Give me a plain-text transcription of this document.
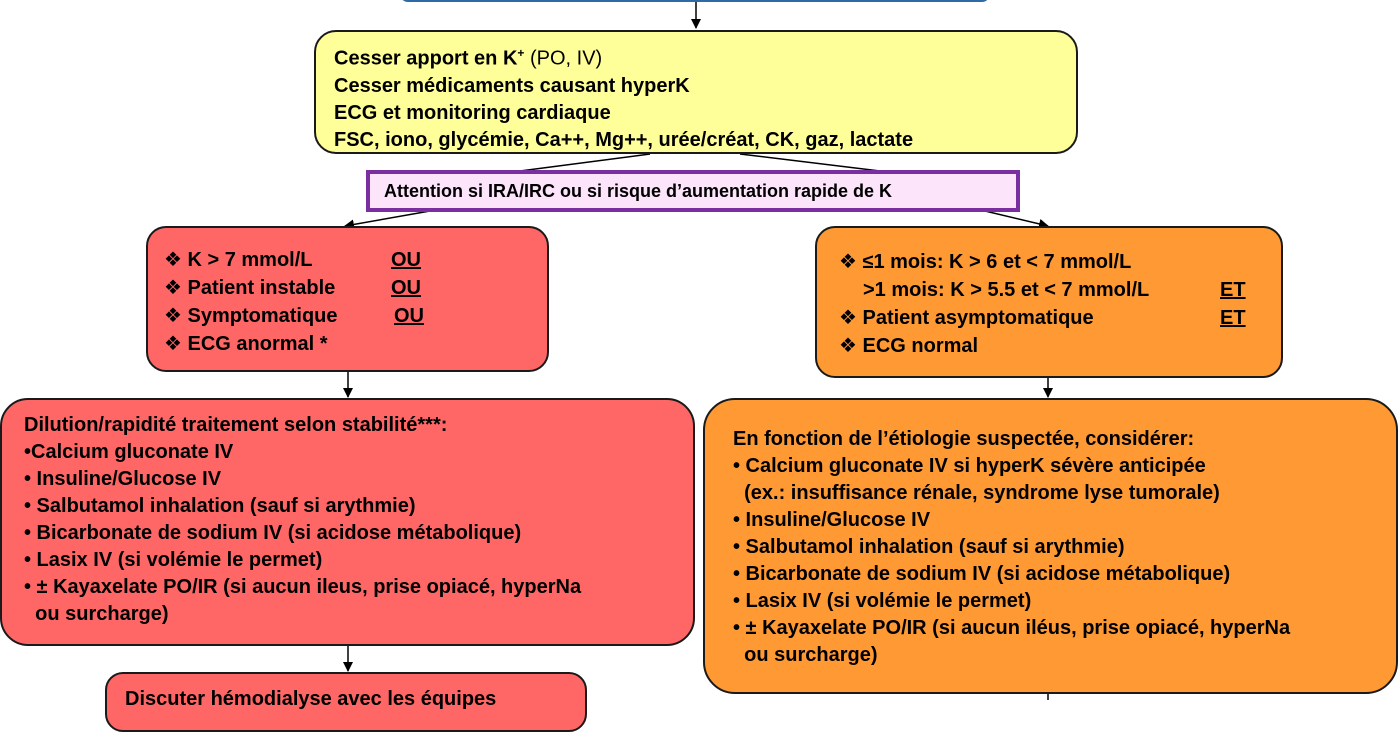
Cesser apport en K+ (PO, IV)
Cesser médicaments causant hyperK
ECG et monitoring cardiaque
FSC, iono, glycémie, Ca++, Mg++, urée/créat, CK, gaz, lactate
Attention si IRA/IRC ou si risque d’aumentation rapide de K
❖ K > 7 mmol/L	OU
❖ Patient instable	OU
❖ Symptomatique	OU
❖ ECG anormal *
❖ ≤1 mois: K > 6 et < 7 mmol/L
>1 mois: K > 5.5 et < 7 mmol/L	ET
❖ Patient asymptomatique	ET
❖ ECG normal
Dilution/rapidité traitement selon stabilité***:
•Calcium gluconate IV
• Insuline/Glucose IV
• Salbutamol inhalation (sauf si arythmie)
• Bicarbonate de sodium IV (si acidose métabolique)
• Lasix IV (si volémie le permet)
• ± Kayaxelate PO/IR (si aucun ileus, prise opiacé, hyperNa
ou surcharge)
En fonction de l’étiologie suspectée, considérer:
• Calcium gluconate IV si hyperK sévère anticipée
(ex.: insuffisance rénale, syndrome lyse tumorale)
• Insuline/Glucose IV
• Salbutamol inhalation (sauf si arythmie)
• Bicarbonate de sodium IV (si acidose métabolique)
• Lasix IV (si volémie le permet)
• ± Kayaxelate PO/IR (si aucun iléus, prise opiacé, hyperNa
ou surcharge)
Discuter hémodialyse avec les équipes
